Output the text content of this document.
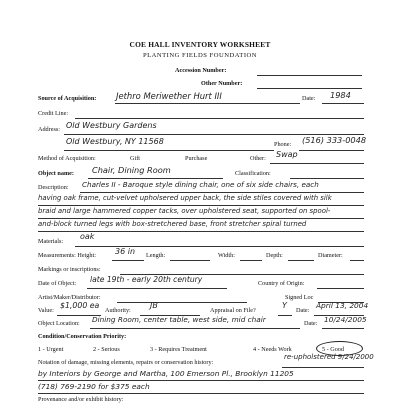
COE HALL INVENTORY WORKSHEET
PLANTING FIELDS FOUNDATION
Accession Number:
Other Number:
Source of Acquisition: Jethro Meriwether Hurt III	Date: 1984
Credit Line:
Address: Old Westbury Gardens
Old Westbury, NY 11568	Phone: (516) 333-0048
Method of Acquisition:	Gift	Purchase	Other: Swap
Object name: Chair, Dining Room	Classification:
Description: Charles II - Baroque style dining chair, one of six side chairs, each
having oak frame, cut-velvet upholsered upper back, the side stiles covered with silk
braid and large hammered copper tacks, over upholstered seat, supported on spool-
and-block turned legs with box-stretchered base, front stretcher spiral turned
Materials:
oak
Measurements: Height: 36 in Length:	Width:	Depth:	Diameter:
Markings or inscriptions:
Date of Object: late 19th - early 20th century	Country of Origin:
Artist/Maker/Distributor:	Signed Loc
Value:
$1,000 ea
Authority:
JB
Appraisal on File?
Y
Date:
April 13, 2004
Object Location: Dining Room, center table, west side, mid chair	Date: 10/24/2005
Condition/Conservation Priority:
1 - Urgent	2 - Serious	3 - Requires Treatment	4 - Needs Work	5 - Good
Notation of damage, missing elements, repairs or conservation history:
re-upholstered 9/24/2000
by Interiors by George and Martha, 100 Emerson Pl., Brooklyn 11205
(718) 769-2190 for $375 each
Provenance and/or exhibit history:
